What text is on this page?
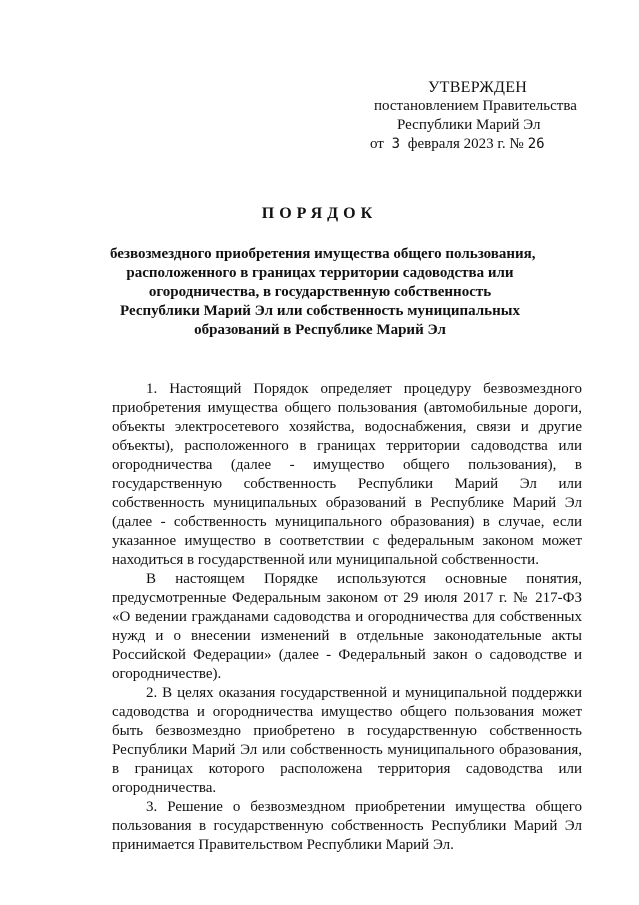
УТВЕРЖДЕН
постановлением Правительства
Республики Марий Эл
от 3 февраля 2023 г. № 26
ПОРЯДОК
безвозмездного приобретения имущества общего пользования,
расположенного в границах территории садоводства или
огородничества, в государственную собственность
Республики Марий Эл или собственность муниципальных
образований в Республике Марий Эл

1. Настоящий Порядок определяет процедуру безвозмездного приобретения имущества общего пользования (автомобильные дороги, объекты электросетевого хозяйства, водоснабжения, связи и другие объекты), расположенного в границах территории садоводства или огородничества (далее - имущество общего пользования), в государственную собственность Республики Марий Эл или собственность муниципальных образований в Республике Марий Эл (далее - собственность муниципального образования) в случае, если указанное имущество в соответствии с федеральным законом может находиться в государственной или муниципальной собственности.

В настоящем Порядке используются основные понятия, предусмотренные Федеральным законом от 29 июля 2017 г. № 217-ФЗ «О ведении гражданами садоводства и огородничества для собственных нужд и о внесении изменений в отдельные законодательные акты Российской Федерации» (далее - Федеральный закон о садоводстве и огородничестве).

2. В целях оказания государственной и муниципальной поддержки садоводства и огородничества имущество общего пользования может быть безвозмездно приобретено в государственную собственность Республики Марий Эл или собственность муниципального образования, в границах которого расположена территория садоводства или огородничества.

3. Решение о безвозмездном приобретении имущества общего пользования в государственную собственность Республики Марий Эл принимается Правительством Республики Марий Эл.
